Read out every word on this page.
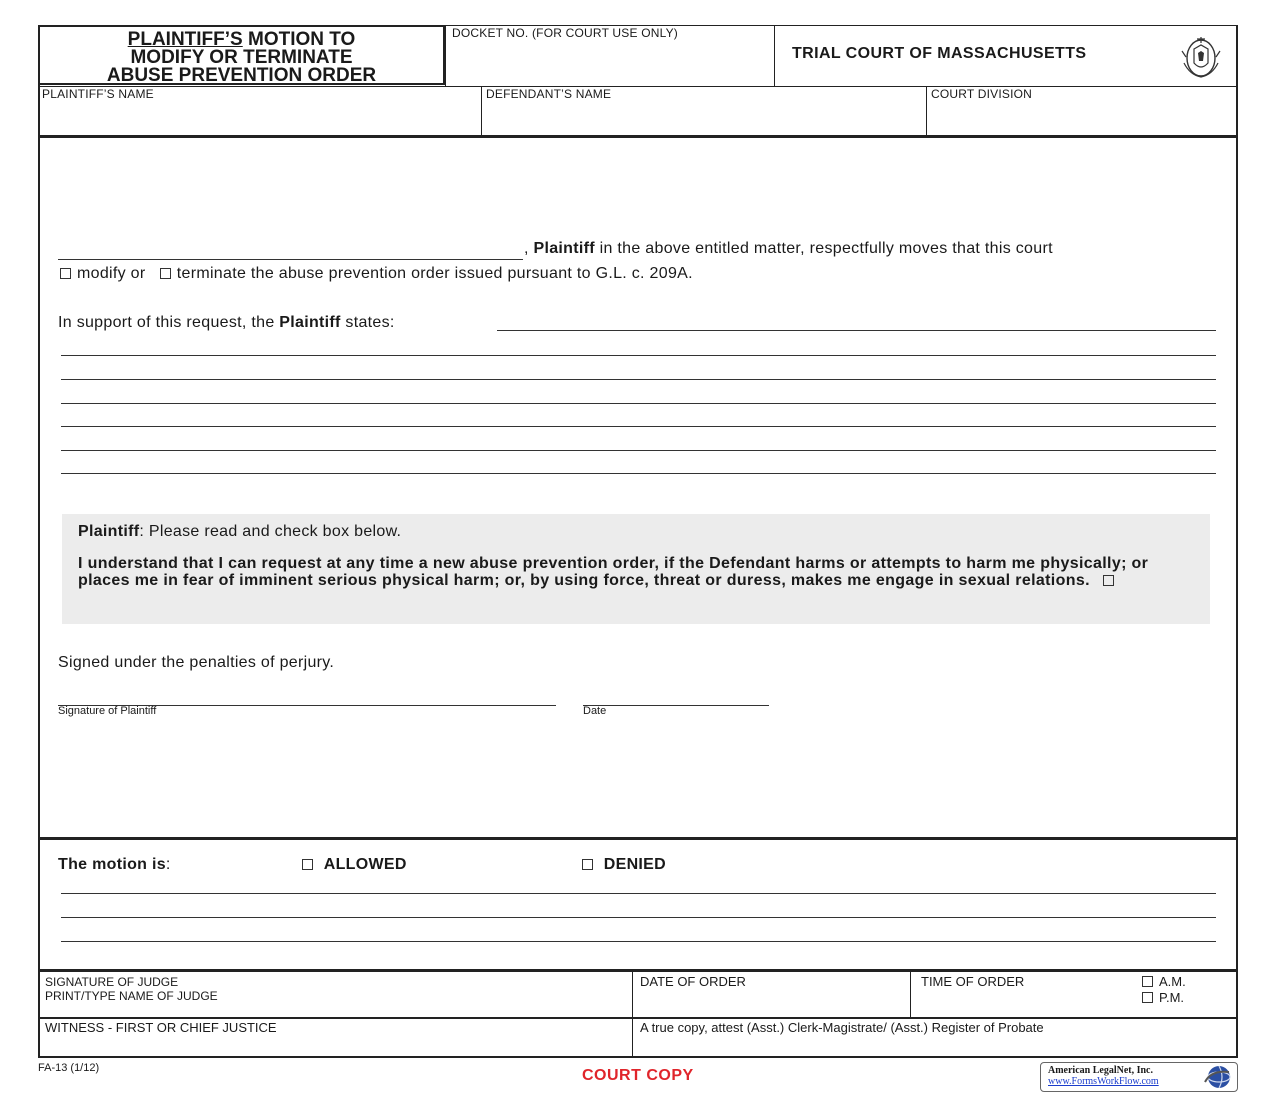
PLAINTIFF’S MOTION TO
MODIFY OR TERMINATE
ABUSE PREVENTION ORDER
DOCKET NO. (FOR COURT USE ONLY)
TRIAL COURT OF MASSACHUSETTS
PLAINTIFF’S NAME	DEFENDANT’S NAME	COURT DIVISION
, Plaintiff in the above entitled matter, respectfully moves that this court
modify or terminate the abuse prevention order issued pursuant to G.L. c. 209A.
In support of this request, the Plaintiff states:
Plaintiff: Please read and check box below.
I understand that I can request at any time a new abuse prevention order, if the Defendant harms or attempts to harm me physically; or places me in fear of imminent serious physical harm; or, by using force, threat or duress, makes me engage in sexual relations.
Signed under the penalties of perjury.
Signature of Plaintiff	Date
The motion is:	ALLOWED	DENIED
SIGNATURE OF JUDGE
PRINT/TYPE NAME OF JUDGE
DATE OF ORDER	TIME OF ORDER	A.M.
P.M.
WITNESS - FIRST OR CHIEF JUSTICE	A true copy, attest (Asst.) Clerk-Magistrate/ (Asst.) Register of Probate
FA-13 (1/12)	COURT COPY	American LegalNet, Inc.
www.FormsWorkFlow.com
